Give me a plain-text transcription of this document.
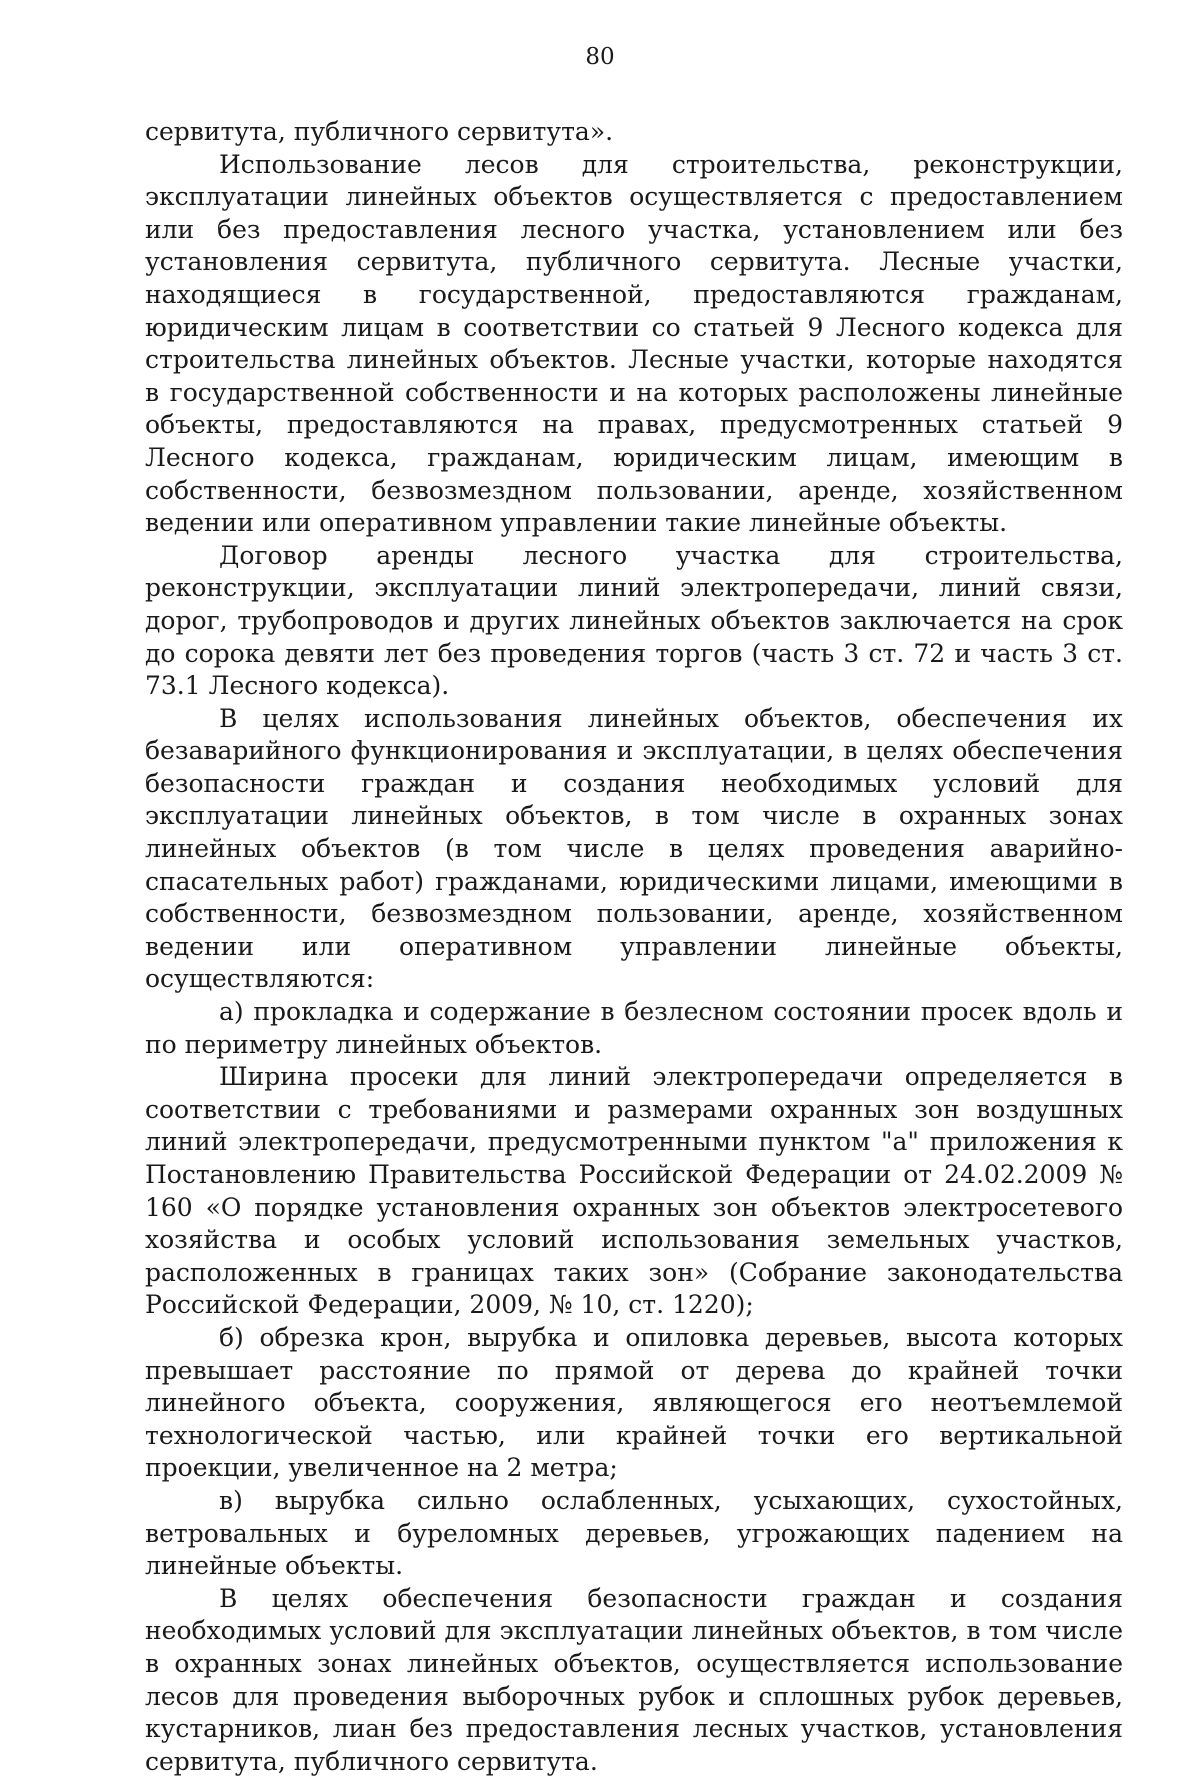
80

сервитута, публичного сервитута».

Использование лесов для строительства, реконструкции, эксплуатации линейных объектов осуществляется с предоставлением или без предоставления лесного участка, установлением или без установления сервитута, публичного сервитута. Лесные участки, находящиеся в государственной, предоставляются гражданам, юридическим лицам в соответствии со статьей 9 Лесного кодекса для строительства линейных объектов. Лесные участки, которые находятся в государственной собственности и на которых расположены линейные объекты, предоставляются на правах, предусмотренных статьей 9 Лесного кодекса, гражданам, юридическим лицам, имеющим в собственности, безвозмездном пользовании, аренде, хозяйственном ведении или оперативном управлении такие линейные объекты.

Договор аренды лесного участка для строительства, реконструкции, эксплуатации линий электропередачи, линий связи, дорог, трубопроводов и других линейных объектов заключается на срок до сорока девяти лет без проведения торгов (часть 3 ст. 72 и часть 3 ст. 73.1 Лесного кодекса).

В целях использования линейных объектов, обеспечения их безаварийного функционирования и эксплуатации, в целях обеспечения безопасности граждан и создания необходимых условий для эксплуатации линейных объектов, в том числе в охранных зонах линейных объектов (в том числе в целях проведения аварийно-спасательных работ) гражданами, юридическими лицами, имеющими в собственности, безвозмездном пользовании, аренде, хозяйственном ведении или оперативном управлении линейные объекты, осуществляются:

а) прокладка и содержание в безлесном состоянии просек вдоль и по периметру линейных объектов.

Ширина просеки для линий электропередачи определяется в соответствии с требованиями и размерами охранных зон воздушных линий электропередачи, предусмотренными пунктом "а" приложения к Постановлению Правительства Российской Федерации от 24.02.2009 № 160 «О порядке установления охранных зон объектов электросетевого хозяйства и особых условий использования земельных участков, расположенных в границах таких зон» (Собрание законодательства Российской Федерации, 2009, № 10, ст. 1220);

б) обрезка крон, вырубка и опиловка деревьев, высота которых превышает расстояние по прямой от дерева до крайней точки линейного объекта, сооружения, являющегося его неотъемлемой технологической частью, или крайней точки его вертикальной проекции, увеличенное на 2 метра;

в) вырубка сильно ослабленных, усыхающих, сухостойных, ветровальных и буреломных деревьев, угрожающих падением на линейные объекты.

В целях обеспечения безопасности граждан и создания необходимых условий для эксплуатации линейных объектов, в том числе в охранных зонах линейных объектов, осуществляется использование лесов для проведения выборочных рубок и сплошных рубок деревьев, кустарников, лиан без предоставления лесных участков, установления сервитута, публичного сервитута.
